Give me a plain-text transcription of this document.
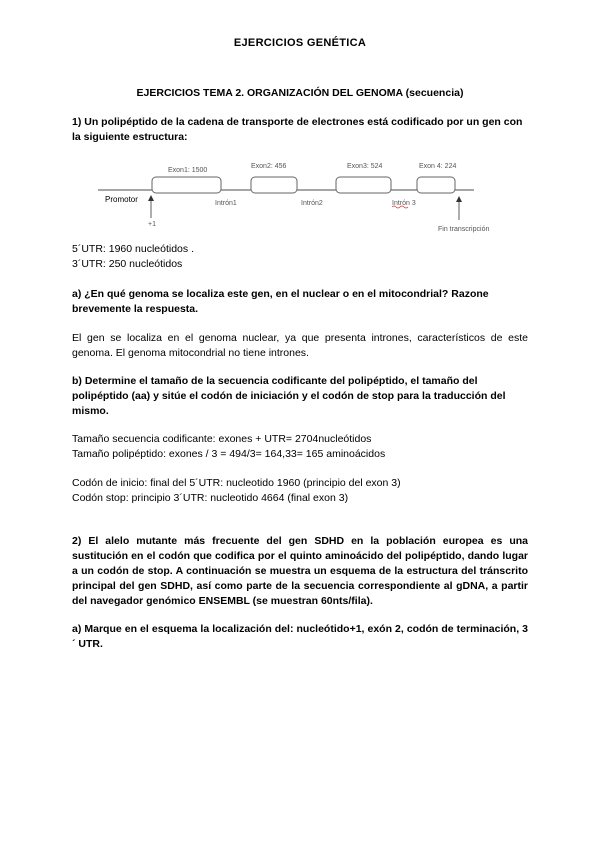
EJERCICIOS GENÉTICA
EJERCICIOS TEMA 2. ORGANIZACIÓN DEL GENOMA (secuencia)
1) Un polipéptido de la cadena de transporte de electrones está codificado por un gen con la siguiente estructura:
Promotor
Exon1: 1500
Exon2: 456	Exon3: 524	Exon 4: 224
Intrón1	Intrón2	Intrón 3
+1
Fin transcripción
5´UTR: 1960 nucleótidos .
3´UTR: 250 nucleótidos
a) ¿En qué genoma se localiza este gen, en el nuclear o en el mitocondrial? Razone brevemente la respuesta.
El gen se localiza en el genoma nuclear, ya que presenta intrones, característicos de este genoma. El genoma mitocondrial no tiene intrones.
b) Determine el tamaño de la secuencia codificante del polipéptido, el tamaño del polipéptido (aa) y sitúe el codón de iniciación y el codón de stop para la traducción del mismo.
Tamaño secuencia codificante: exones + UTR= 2704nucleótidos
Tamaño polipéptido: exones / 3 = 494/3= 164,33= 165 aminoácidos
Codón de inicio: final del 5´UTR: nucleotido 1960 (principio del exon 3)
Codón stop: principio 3´UTR: nucleotido 4664 (final exon 3)
2) El alelo mutante más frecuente del gen SDHD en la población europea es una sustitución en el codón que codifica por el quinto aminoácido del polipéptido, dando lugar a un codón de stop. A continuación se muestra un esquema de la estructura del tránscrito principal del gen SDHD, así como parte de la secuencia correspondiente al gDNA, a partir del navegador genómico ENSEMBL (se muestran 60nts/fila).
a) Marque en el esquema la localización del: nucleótido+1, exón 2, codón de terminación, 3´ UTR.
